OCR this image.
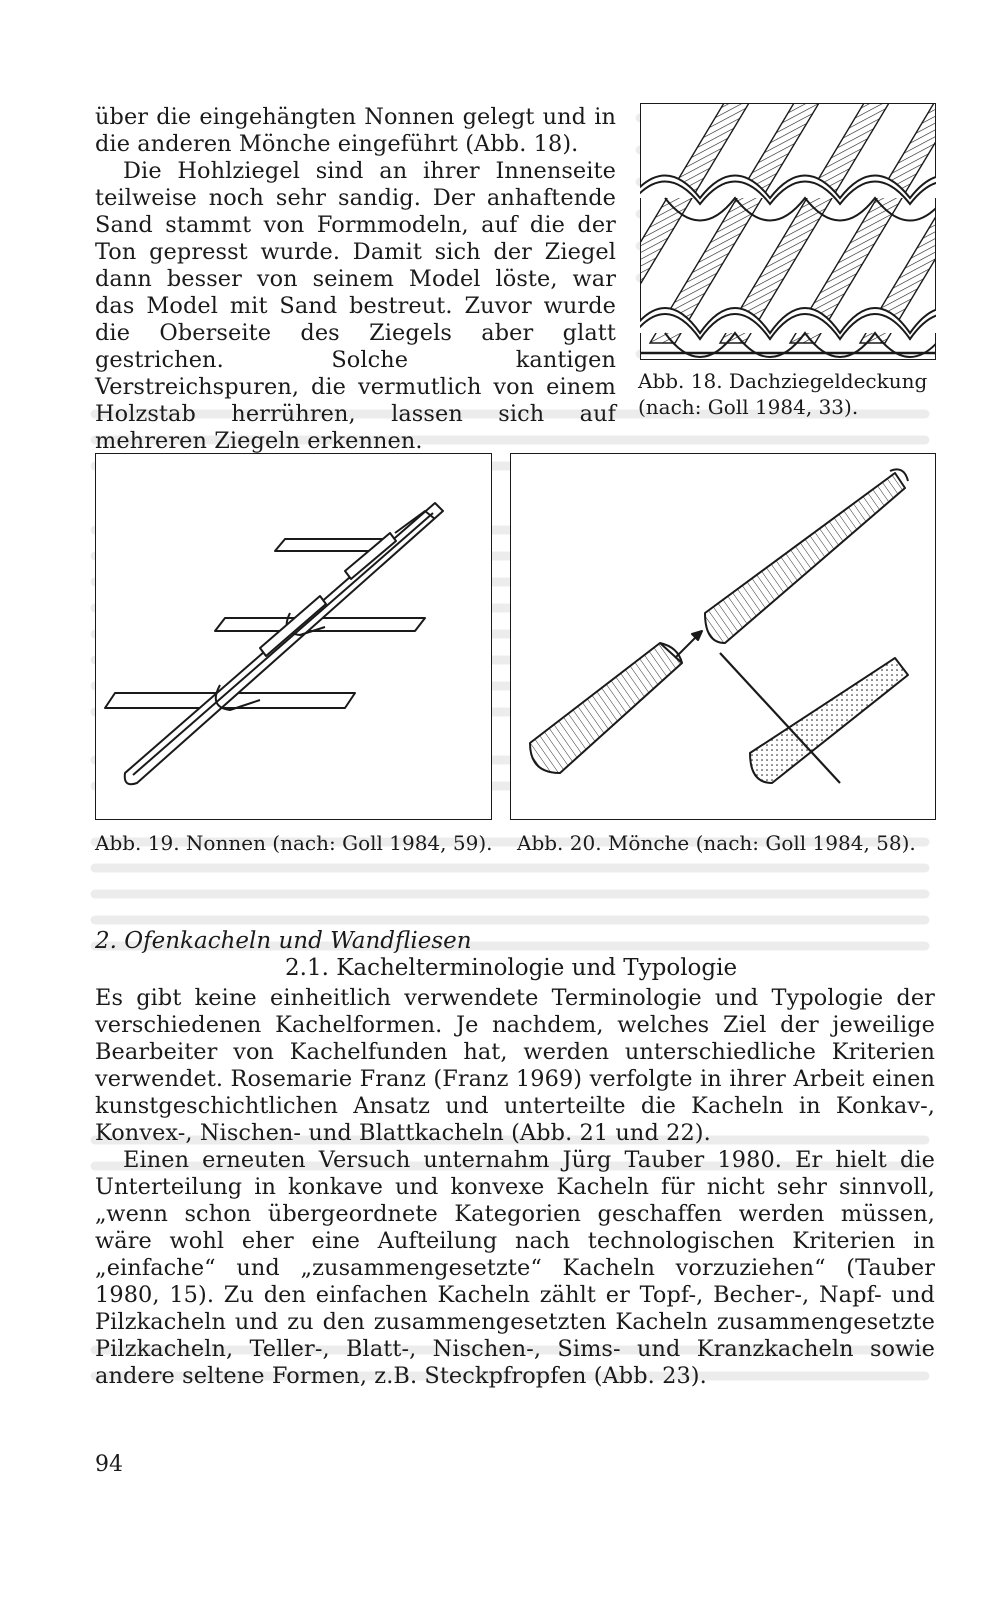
über die eingehängten Nonnen gelegt und in die anderen Mönche eingeführt (Abb. 18).

Die Hohlziegel sind an ihrer Innenseite teilweise noch sehr sandig. Der anhaftende Sand stammt von Formmodeln, auf die der Ton gepresst wurde. Damit sich der Ziegel dann besser von seinem Model löste, war das Model mit Sand bestreut. Zuvor wurde die Oberseite des Ziegels aber glatt gestrichen. Solche kantigen Verstreichspuren, die vermutlich von einem Holzstab herrühren, lassen sich auf mehreren Ziegeln erkennen.

Abb. 18. Dachziegeldeckung (nach: Goll 1984, 33).
Abb. 19. Nonnen (nach: Goll 1984, 59). Abb. 20. Mönche (nach: Goll 1984, 58).
2. Ofenkacheln und Wandfliesen
2.1. Kachelterminologie und Typologie

Es gibt keine einheitlich verwendete Terminologie und Typologie der verschiedenen Kachelformen. Je nachdem, welches Ziel der jeweilige Bearbeiter von Kachelfunden hat, werden unterschiedliche Kriterien verwendet. Rosemarie Franz (Franz 1969) verfolgte in ihrer Arbeit einen kunstgeschichtlichen Ansatz und unterteilte die Kacheln in Konkav-, Konvex-, Nischen- und Blattkacheln (Abb. 21 und 22).

Einen erneuten Versuch unternahm Jürg Tauber 1980. Er hielt die Unterteilung in konkave und konvexe Kacheln für nicht sehr sinnvoll, „wenn schon übergeordnete Kategorien geschaffen werden müssen, wäre wohl eher eine Aufteilung nach technologischen Kriterien in „einfache“ und „zusammengesetzte“ Kacheln vorzuziehen“ (Tauber 1980, 15). Zu den einfachen Kacheln zählt er Topf-, Becher-, Napf- und Pilzkacheln und zu den zusammengesetzten Kacheln zusammengesetzte Pilzkacheln, Teller-, Blatt-, Nischen-, Sims- und Kranzkacheln sowie andere seltene Formen, z.B. Steckpfropfen (Abb. 23).

94
